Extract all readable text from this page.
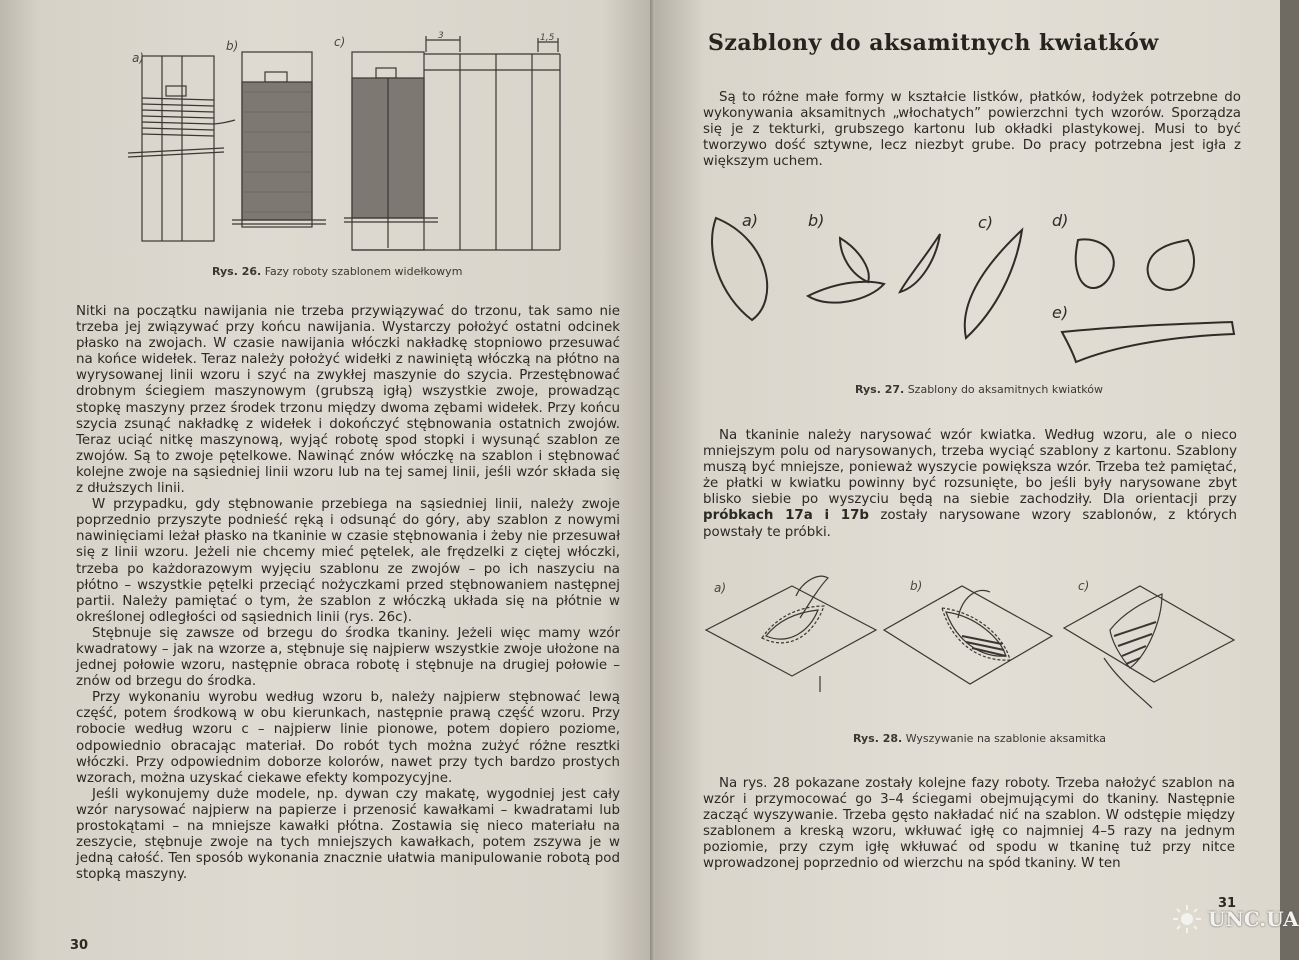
a)
b)	c)	3	1,5
Rys. 26. Fazy roboty szablonem widełkowym

Nitki na początku nawijania nie trzeba przywiązywać do trzonu, tak samo nie trzeba jej związywać przy końcu nawijania. Wystarczy położyć ostatni odcinek płasko na zwojach. W czasie nawijania włóczki nakładkę stopniowo przesuwać na końce widełek. Teraz należy położyć widełki z nawiniętą włóczką na płótno na wyrysowanej linii wzoru i szyć na zwykłej maszynie do szycia. Przestębnować drobnym ściegiem maszynowym (grubszą igłą) wszystkie zwoje, prowadząc stopkę maszyny przez środek trzonu między dwoma zębami widełek. Przy końcu szycia zsunąć nakładkę z widełek i dokończyć stębnowania ostatnich zwojów. Teraz uciąć nitkę maszynową, wyjąć robotę spod stopki i wysunąć szablon ze zwojów. Są to zwoje pętelkowe. Nawinąć znów włóczkę na szablon i stębnować kolejne zwoje na sąsiedniej linii wzoru lub na tej samej linii, jeśli wzór składa się z dłuższych linii.

W przypadku, gdy stębnowanie przebiega na sąsiedniej linii, należy zwoje poprzednio przyszyte podnieść ręką i odsunąć do góry, aby szablon z nowymi nawinięciami leżał płasko na tkaninie w czasie stębnowania i żeby nie przesuwał się z linii wzoru. Jeżeli nie chcemy mieć pętelek, ale frędzelki z ciętej włóczki, trzeba po każdorazowym wyjęciu szablonu ze zwojów – po ich naszyciu na płótno – wszystkie pętelki przeciąć nożyczkami przed stębnowaniem następnej partii. Należy pamiętać o tym, że szablon z włóczką układa się na płótnie w określonej odległości od sąsiednich linii (rys. 26c).

Stębnuje się zawsze od brzegu do środka tkaniny. Jeżeli więc mamy wzór kwadratowy – jak na wzorze a, stębnuje się najpierw wszystkie zwoje ułożone na jednej połowie wzoru, następnie obraca robotę i stębnuje na drugiej połowie – znów od brzegu do środka.

Przy wykonaniu wyrobu według wzoru b, należy najpierw stębnować lewą część, potem środkową w obu kierunkach, następnie prawą część wzoru. Przy robocie według wzoru c – najpierw linie pionowe, potem dopiero poziome, odpowiednio obracając materiał. Do robót tych można zużyć różne resztki włóczki. Przy odpowiednim doborze kolorów, nawet przy tych bardzo prostych wzorach, można uzyskać ciekawe efekty kompozycyjne.

Jeśli wykonujemy duże modele, np. dywan czy makatę, wygodniej jest cały wzór narysować najpierw na papierze i przenosić kawałkami – kwadratami lub prostokątami – na mniejsze kawałki płótna. Zostawia się nieco materiału na zeszycie, stębnuje zwoje na tych mniejszych kawałkach, potem zszywa je w jedną całość. Ten sposób wykonania znacznie ułatwia manipulowanie robotą pod stopką maszyny.

30
Szablony do aksamitnych kwiatków

Są to różne małe formy w kształcie listków, płatków, łodyżek potrzebne do wykonywania aksamitnych „włochatych” powierzchni tych wzorów. Sporządza się je z tekturki, grubszego kartonu lub okładki plastykowej. Musi to być tworzywo dość sztywne, lecz niezbyt grube. Do pracy potrzebna jest igła z większym uchem.

a)	b)	c)	d)
e)
Rys. 27. Szablony do aksamitnych kwiatków

Na tkaninie należy narysować wzór kwiatka. Według wzoru, ale o nieco mniejszym polu od narysowanych, trzeba wyciąć szablony z kartonu. Szablony muszą być mniejsze, ponieważ wyszycie powiększa wzór. Trzeba też pamiętać, że płatki w kwiatku powinny być rozsunięte, bo jeśli były narysowane zbyt blisko siebie po wyszyciu będą na siebie zachodziły. Dla orientacji przy próbkach 17a i 17b zostały narysowane wzory szablonów, z których powstały te próbki.

a)	b)	c)
Rys. 28. Wyszywanie na szablonie aksamitka

Na rys. 28 pokazane zostały kolejne fazy roboty. Trzeba nałożyć szablon na wzór i przymocować go 3–4 ściegami obejmującymi do tkaniny. Następnie zacząć wyszywanie. Trzeba gęsto nakładać nić na szablon. W odstępie między szablonem a kreską wzoru, wkłuwać igłę co najmniej 4–5 razy na jednym poziomie, przy czym igłę wkłuwać od spodu w tkaninę tuż przy nitce wprowadzonej poprzednio od wierzchu na spód tkaniny. W ten

31
UNC.UA
